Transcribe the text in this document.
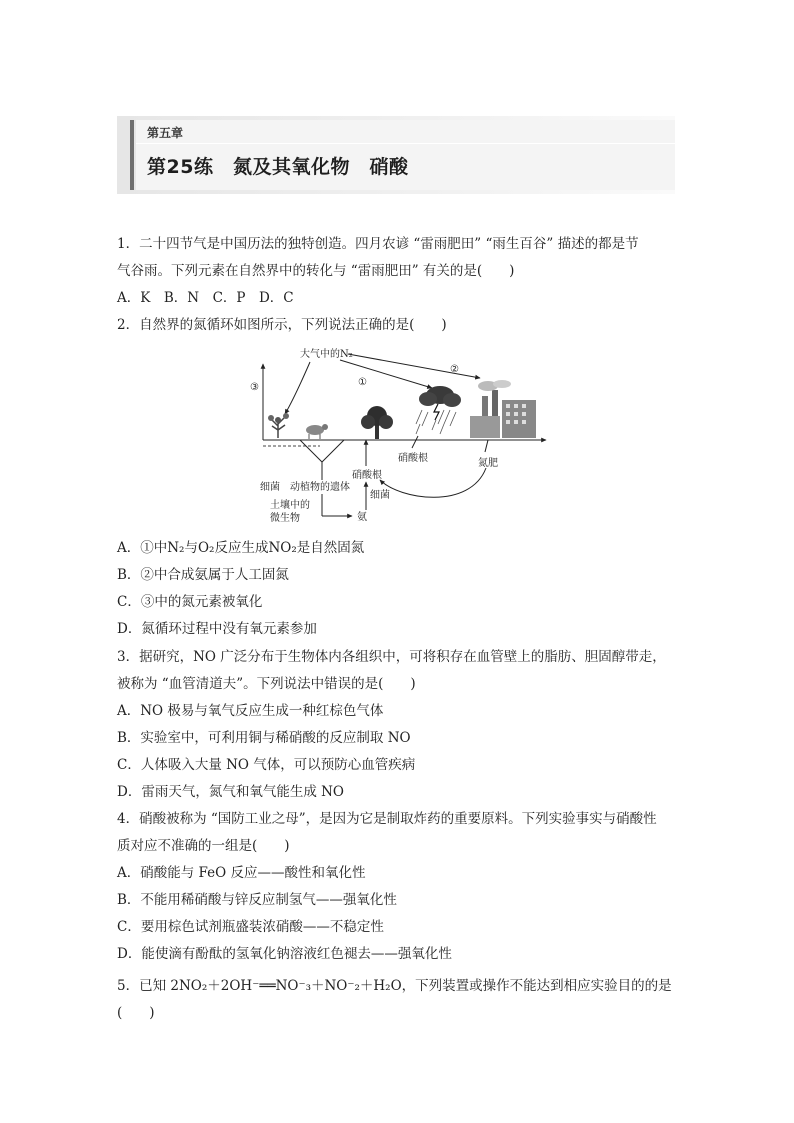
第五章
第25练　氮及其氧化物　硝酸
1．二十四节气是中国历法的独特创造。四月农谚 “雷雨肥田” “雨生百谷” 描述的都是节
气谷雨。下列元素在自然界中的转化与 “雷雨肥田” 有关的是(　　)
A．K　B．N　C．P　D．C
2．自然界的氮循环如图所示，下列说法正确的是(　　)
大气中的N₂
①
②
③
硝酸根
硝酸根	氮肥
细菌 动植物的遗体
细菌
土壤中的
微生物	氨
A．①中N₂与O₂反应生成NO₂是自然固氮
B．②中合成氨属于人工固氮
C．③中的氮元素被氧化
D．氮循环过程中没有氧元素参加
3．据研究，NO 广泛分布于生物体内各组织中，可将积存在血管壁上的脂肪、胆固醇带走，
被称为 “血管清道夫”。下列说法中错误的是(　　)
A．NO 极易与氧气反应生成一种红棕色气体
B．实验室中，可利用铜与稀硝酸的反应制取 NO
C．人体吸入大量 NO 气体，可以预防心血管疾病
D．雷雨天气，氮气和氧气能生成 NO
4．硝酸被称为 “国防工业之母”，是因为它是制取炸药的重要原料。下列实验事实与硝酸性
质对应不准确的一组是(　　)
A．硝酸能与 FeO 反应——酸性和氧化性
B．不能用稀硝酸与锌反应制氢气——强氧化性
C．要用棕色试剂瓶盛装浓硝酸——不稳定性
D．能使滴有酚酞的氢氧化钠溶液红色褪去——强氧化性
5．已知 2NO₂＋2OH⁻══NO⁻₃＋NO⁻₂＋H₂O，下列装置或操作不能达到相应实验目的的是
(　　)
